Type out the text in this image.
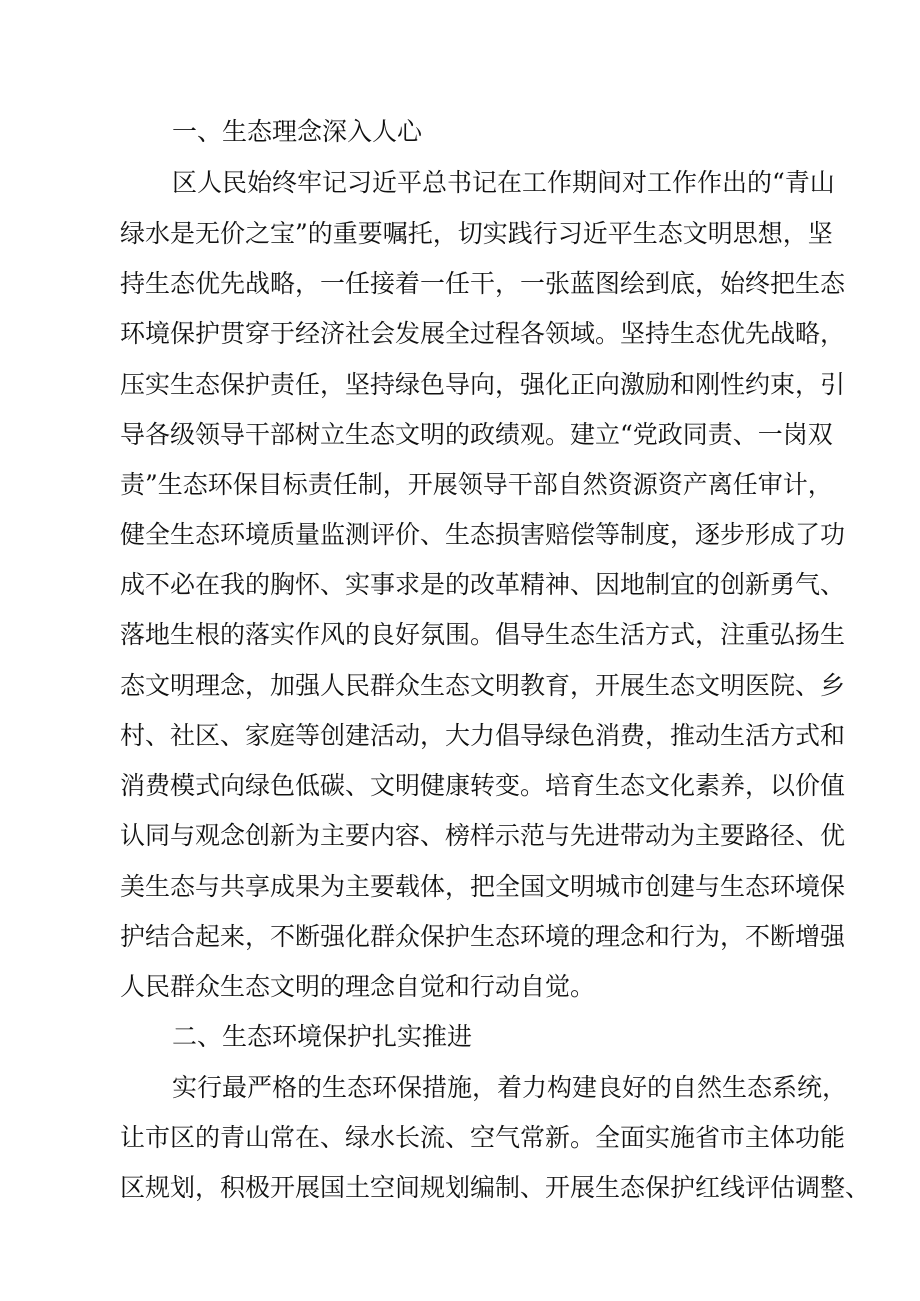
一、生态理念深入人心
区人民始终牢记习近平总书记在工作期间对工作作出的“青山
绿水是无价之宝”的重要嘱托，切实践行习近平生态文明思想，坚
持生态优先战略，一任接着一任干，一张蓝图绘到底，始终把生态
环境保护贯穿于经济社会发展全过程各领域。坚持生态优先战略，
压实生态保护责任，坚持绿色导向，强化正向激励和刚性约束，引
导各级领导干部树立生态文明的政绩观。建立“党政同责、一岗双
责”生态环保目标责任制，开展领导干部自然资源资产离任审计，
健全生态环境质量监测评价、生态损害赔偿等制度，逐步形成了功
成不必在我的胸怀、实事求是的改革精神、因地制宜的创新勇气、
落地生根的落实作风的良好氛围。倡导生态生活方式，注重弘扬生
态文明理念，加强人民群众生态文明教育，开展生态文明医院、乡
村、社区、家庭等创建活动，大力倡导绿色消费，推动生活方式和
消费模式向绿色低碳、文明健康转变。培育生态文化素养，以价值
认同与观念创新为主要内容、榜样示范与先进带动为主要路径、优
美生态与共享成果为主要载体，把全国文明城市创建与生态环境保
护结合起来，不断强化群众保护生态环境的理念和行为，不断增强
人民群众生态文明的理念自觉和行动自觉。
二、生态环境保护扎实推进
实行最严格的生态环保措施，着力构建良好的自然生态系统，
让市区的青山常在、绿水长流、空气常新。全面实施省市主体功能
区规划，积极开展国土空间规划编制、开展生态保护红线评估调整、
